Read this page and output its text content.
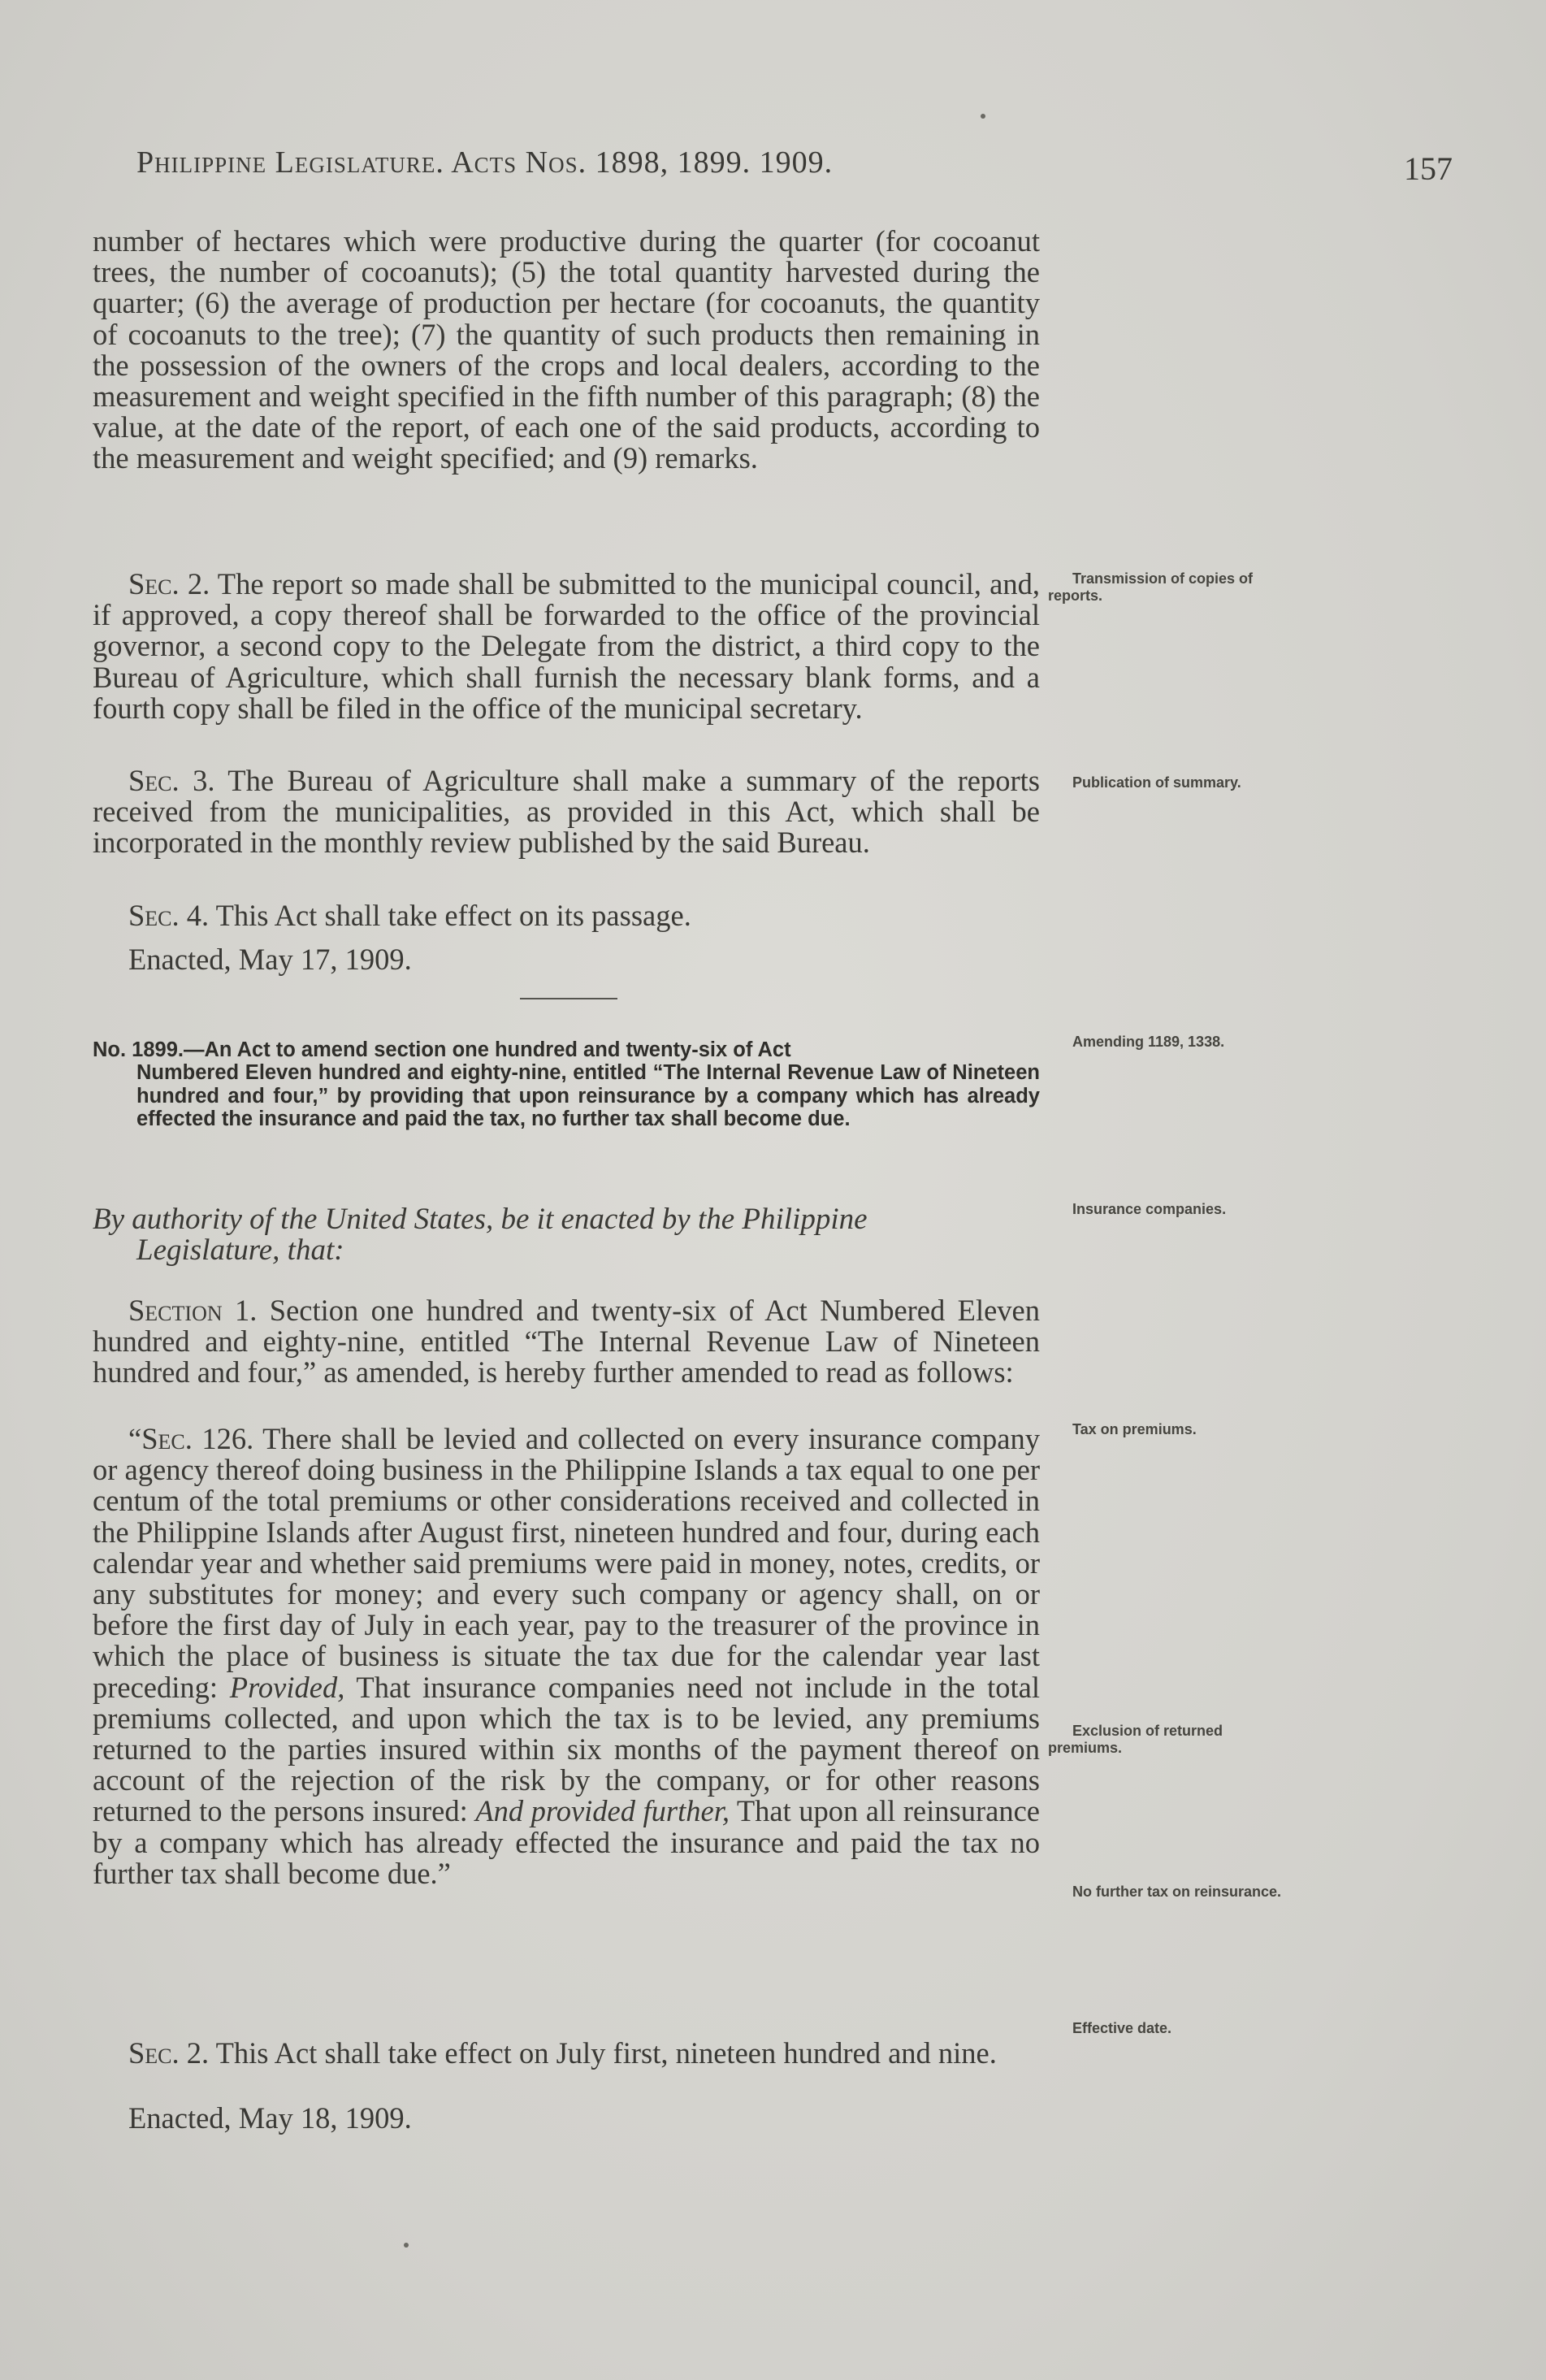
Philippine Legislature. Acts Nos. 1898, 1899. 1909.	157

number of hectares which were productive during the quarter (for cocoanut trees, the number of cocoanuts); (5) the total quantity harvested during the quarter; (6) the average of production per hectare (for cocoanuts, the quantity of cocoanuts to the tree); (7) the quantity of such products then remaining in the possession of the owners of the crops and local dealers, according to the measurement and weight specified in the fifth number of this paragraph; (8) the value, at the date of the report, of each one of the said products, according to the measurement and weight specified; and (9) remarks.

Sec. 2. The report so made shall be submitted to the municipal council, and, if approved, a copy thereof shall be forwarded to the office of the provincial governor, a second copy to the Delegate from the district, a third copy to the Bureau of Agriculture, which shall furnish the necessary blank forms, and a fourth copy shall be filed in the office of the municipal secretary.

Sec. 3. The Bureau of Agriculture shall make a summary of the reports received from the municipalities, as provided in this Act, which shall be incorporated in the monthly review published by the said Bureau.

Sec. 4. This Act shall take effect on its passage.

Enacted, May 17, 1909.

No. 1899.—An Act to amend section one hundred and twenty-six of Act
Numbered Eleven hundred and eighty-nine, entitled “The Internal Revenue Law of Nineteen hundred and four,” by providing that upon reinsurance by a company which has already effected the insurance and paid the tax, no further tax shall become due.
By authority of the United States, be it enacted by the Philippine
Legislature, that:

Section 1. Section one hundred and twenty-six of Act Numbered Eleven hundred and eighty-nine, entitled “The Internal Revenue Law of Nineteen hundred and four,” as amended, is hereby further amended to read as follows:

“Sec. 126. There shall be levied and collected on every insurance company or agency thereof doing business in the Philippine Islands a tax equal to one per centum of the total premiums or other considerations received and collected in the Philippine Islands after August first, nineteen hundred and four, during each calendar year and whether said premiums were paid in money, notes, credits, or any substitutes for money; and every such company or agency shall, on or before the first day of July in each year, pay to the treasurer of the province in which the place of business is situate the tax due for the calendar year last preceding: Provided, That insurance companies need not include in the total premiums collected, and upon which the tax is to be levied, any premiums returned to the parties insured within six months of the payment thereof on account of the rejection of the risk by the company, or for other reasons returned to the persons insured: And provided further, That upon all reinsurance by a company which has already effected the insurance and paid the tax no further tax shall become due.”

Sec. 2. This Act shall take effect on July first, nineteen hundred and nine.

Enacted, May 18, 1909.

Transmission of copies of reports.
Publication of summary.
Amending 1189, 1338.
Insurance companies.
Tax on premiums.
Exclusion of returned premiums.
No further tax on reinsurance.
Effective date.
